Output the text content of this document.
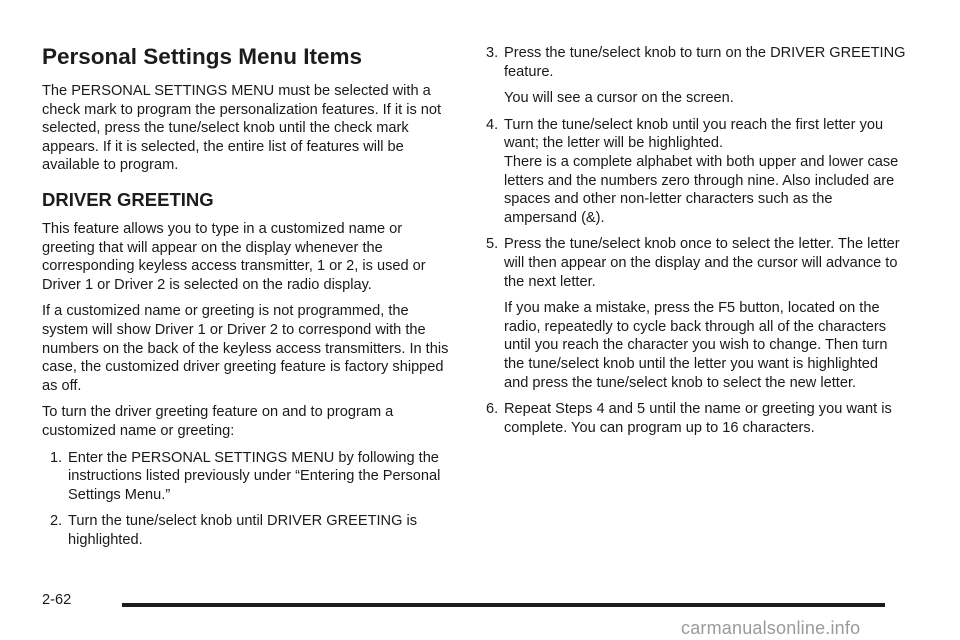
Personal Settings Menu Items

The PERSONAL SETTINGS MENU must be selected with a check mark to program the personalization features. If it is not selected, press the tune/select knob until the check mark appears. If it is selected, the entire list of features will be available to program.

DRIVER GREETING

This feature allows you to type in a customized name or greeting that will appear on the display whenever the corresponding keyless access transmitter, 1 or 2, is used or Driver 1 or Driver 2 is selected on the radio display.

If a customized name or greeting is not programmed, the system will show Driver 1 or Driver 2 to correspond with the numbers on the back of the keyless access transmitters. In this case, the customized driver greeting feature is factory shipped as off.

To turn the driver greeting feature on and to program a customized name or greeting:

1. Enter the PERSONAL SETTINGS MENU by following the instructions listed previously under “Entering the Personal Settings Menu.”
2. Turn the tune/select knob until DRIVER GREETING is highlighted.
3. Press the tune/select knob to turn on the DRIVER GREETING feature.
You will see a cursor on the screen.
4. Turn the tune/select knob until you reach the first letter you want; the letter will be highlighted.
There is a complete alphabet with both upper and lower case letters and the numbers zero through nine. Also included are spaces and other non-letter characters such as the ampersand (&).
5. Press the tune/select knob once to select the letter. The letter will then appear on the display and the cursor will advance to the next letter.
If you make a mistake, press the F5 button, located on the radio, repeatedly to cycle back through all of the characters until you reach the character you wish to change. Then turn the tune/select knob until the letter you want is highlighted and press the tune/select knob to select the new letter.
6. Repeat Steps 4 and 5 until the name or greeting you want is complete. You can program up to 16 characters.
2-62
carmanualsonline.info
